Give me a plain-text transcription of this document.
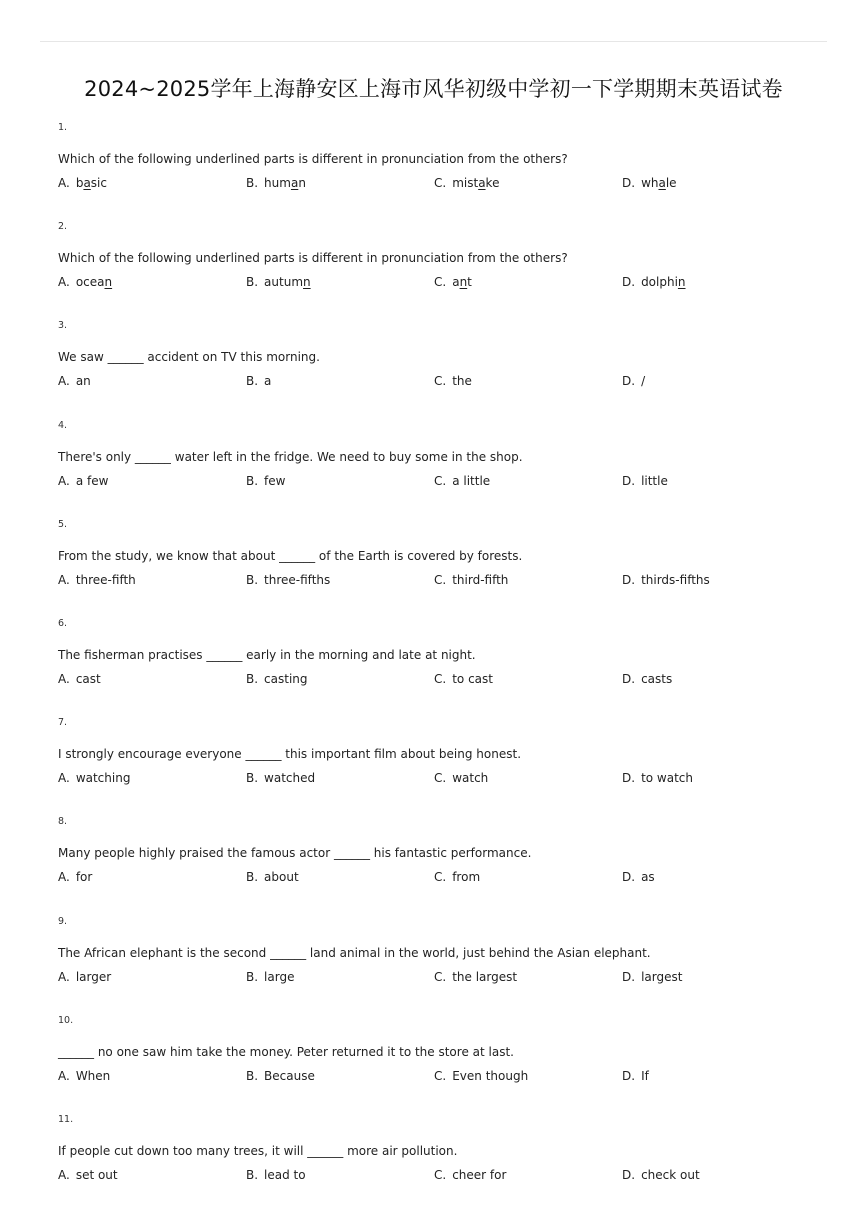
2024~2025学年上海静安区上海市风华初级中学初一下学期期末英语试卷
1.
Which of the following underlined parts is different in pronunciation from the others?
A. basic	B. human	C. mistake	D. whale
2.
Which of the following underlined parts is different in pronunciation from the others?
A. ocean	B. autumn	C. ant	D. dolphin
3.
We saw ______ accident on TV this morning.
A. an	B. a	C. the	D. /
4.
There's only ______ water left in the fridge. We need to buy some in the shop.
A. a few	B. few	C. a little	D. little
5.
From the study, we know that about ______ of the Earth is covered by forests.
A. three-fifth	B. three-fifths	C. third-fifth	D. thirds-fifths
6.
The fisherman practises ______ early in the morning and late at night.
A. cast	B. casting	C. to cast	D. casts
7.
I strongly encourage everyone ______ this important film about being honest.
A. watching	B. watched	C. watch	D. to watch
8.
Many people highly praised the famous actor ______ his fantastic performance.
A. for	B. about	C. from	D. as
9.
The African elephant is the second ______ land animal in the world, just behind the Asian elephant.
A. larger	B. large	C. the largest	D. largest
10.
______ no one saw him take the money. Peter returned it to the store at last.
A. When	B. Because	C. Even though	D. If
11.
If people cut down too many trees, it will ______ more air pollution.
A. set out	B. lead to	C. cheer for	D. check out
